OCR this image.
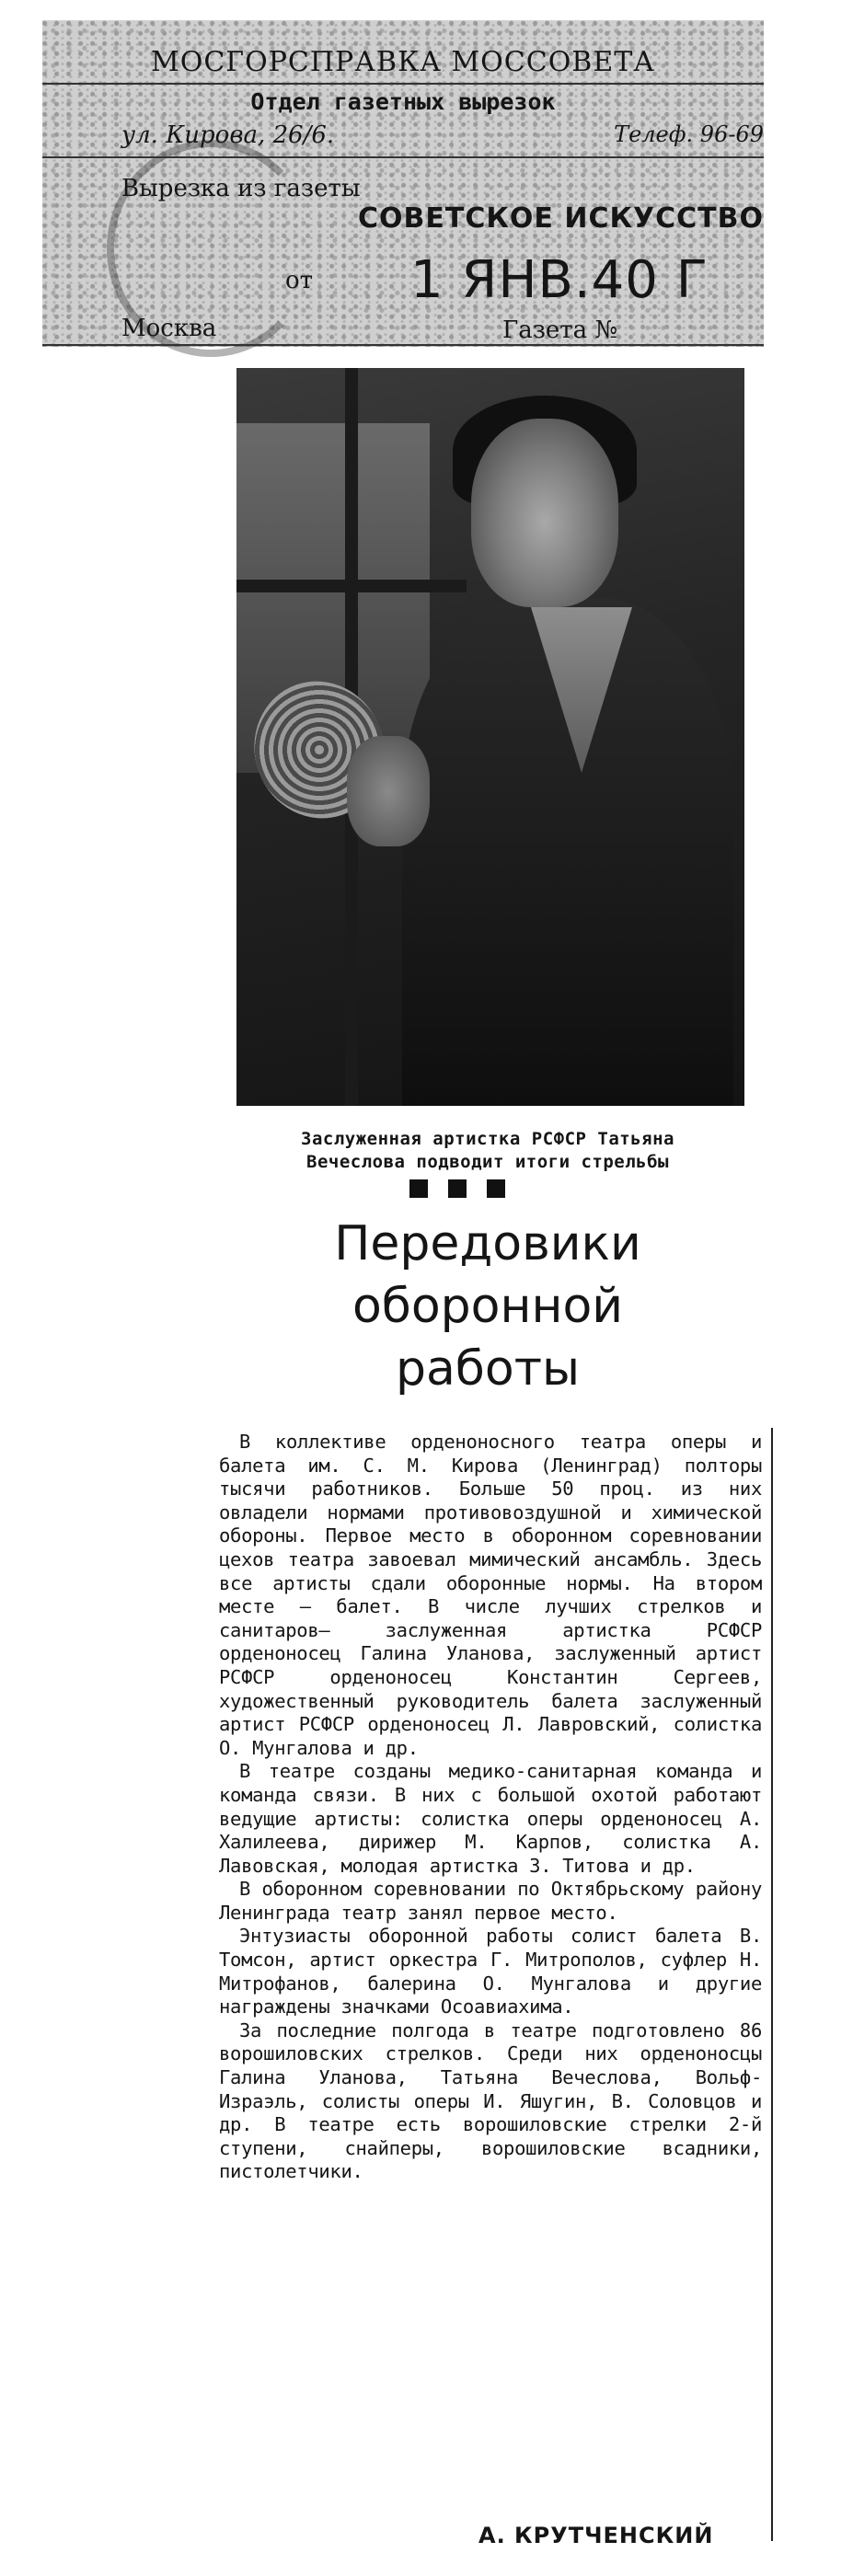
МОСГОРСПРАВКА МОССОВЕТА
Отдел газетных вырезок
ул. Кирова, 26/6.	Телеф. 96-69
Вырезка из газеты
СОВЕТСКОЕ ИСКУССТВО
от 1 ЯНВ.40 Г
Москва	Газета №
Заслуженная артистка РСФСР Татьяна
Вечеслова подводит итоги стрельбы
Передовики
оборонной
работы

В коллективе орденоносного театра оперы и балета им. С. М. Кирова (Ленинград) полторы тысячи работников. Больше 50 проц. из них овладели нормами противовоздушной и химической обороны. Первое место в оборонном соревновании цехов театра завоевал мимический ансамбль. Здесь все артисты сдали оборонные нормы. На втором месте — балет. В числе лучших стрелков и санитаров— заслуженная артистка РСФСР орденоносец Галина Уланова, заслуженный артист РСФСР орденоносец Константин Сергеев, художественный руководитель балета заслуженный артист РСФСР орденоносец Л. Лавровский, солистка О. Мунгалова и др.

В театре созданы медико-санитарная команда и команда связи. В них с большой охотой работают ведущие артисты: солистка оперы орденоносец А. Халилеева, дирижер М. Карпов, солистка А. Лавовская, молодая артистка З. Титова и др.

В оборонном соревновании по Октябрьскому району Ленинграда театр занял первое место.

Энтузиасты оборонной работы солист балета В. Томсон, артист оркестра Г. Митрополов, суфлер Н. Митрофанов, балерина О. Мунгалова и другие награждены значками Осоавиахима.

За последние полгода в театре подготовлено 86 ворошиловских стрелков. Среди них орденоносцы Галина Уланова, Татьяна Вечеслова, Вольф-Израэль, солисты оперы И. Яшугин, В. Соловцов и др. В театре есть ворошиловские стрелки 2-й ступени, снайперы, ворошиловские всадники, пистолетчики.

А. КРУТЧЕНСКИЙ
